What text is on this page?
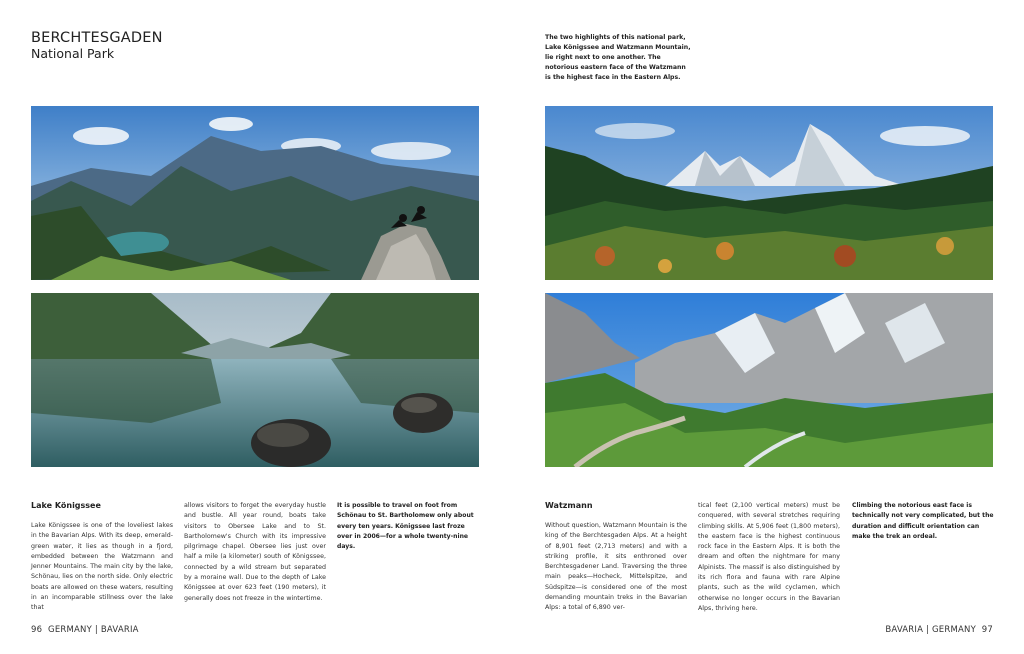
BERCHTESGADEN
National Park
The two highlights of this national park, Lake Königssee and Watzmann Mountain, lie right next to one another. The notorious eastern face of the Watzmann is the highest face in the Eastern Alps.
Lake Königssee
Lake Königssee is one of the loveliest lakes in the Bavarian Alps. With its deep, emerald-green water, it lies as though in a fjord, embedded between the Watzmann and Jenner Mountains. The main city by the lake, Schönau, lies on the north side. Only electric boats are allowed on these waters, resulting in an incomparable stillness over the lake that
allows visitors to forget the everyday hustle and bustle. All year round, boats take visitors to Obersee Lake and to St. Bartholomew's Church with its impressive pilgrimage chapel. Obersee lies just over half a mile (a kilometer) south of Königssee, connected by a wild stream but separated by a moraine wall. Due to the depth of Lake Königssee at over 623 feet (190 meters), it generally does not freeze in the wintertime.
It is possible to travel on foot from Schönau to St. Bartholomew only about every ten years. Königssee last froze over in 2006—for a whole twenty-nine days.
Watzmann
Without question, Watzmann Mountain is the king of the Berchtesgaden Alps. At a height of 8,901 feet (2,713 meters) and with a striking profile, it sits enthroned over Berchtesgadener Land. Traversing the three main peaks—Hocheck, Mittelspitze, and Südspitze—is considered one of the most demanding mountain treks in the Bavarian Alps: a total of 6,890 ver-
tical feet (2,100 vertical meters) must be conquered, with several stretches requiring climbing skills. At 5,906 feet (1,800 meters), the eastern face is the highest continuous rock face in the Eastern Alps. It is both the dream and often the nightmare for many Alpinists. The massif is also distinguished by its rich flora and fauna with rare Alpine plants, such as the wild cyclamen, which otherwise no longer occurs in the Bavarian Alps, thriving here.
Climbing the notorious east face is technically not very complicated, but the duration and difficult orientation can make the trek an ordeal.
96 GERMANY | BAVARIA	BAVARIA | GERMANY 97
